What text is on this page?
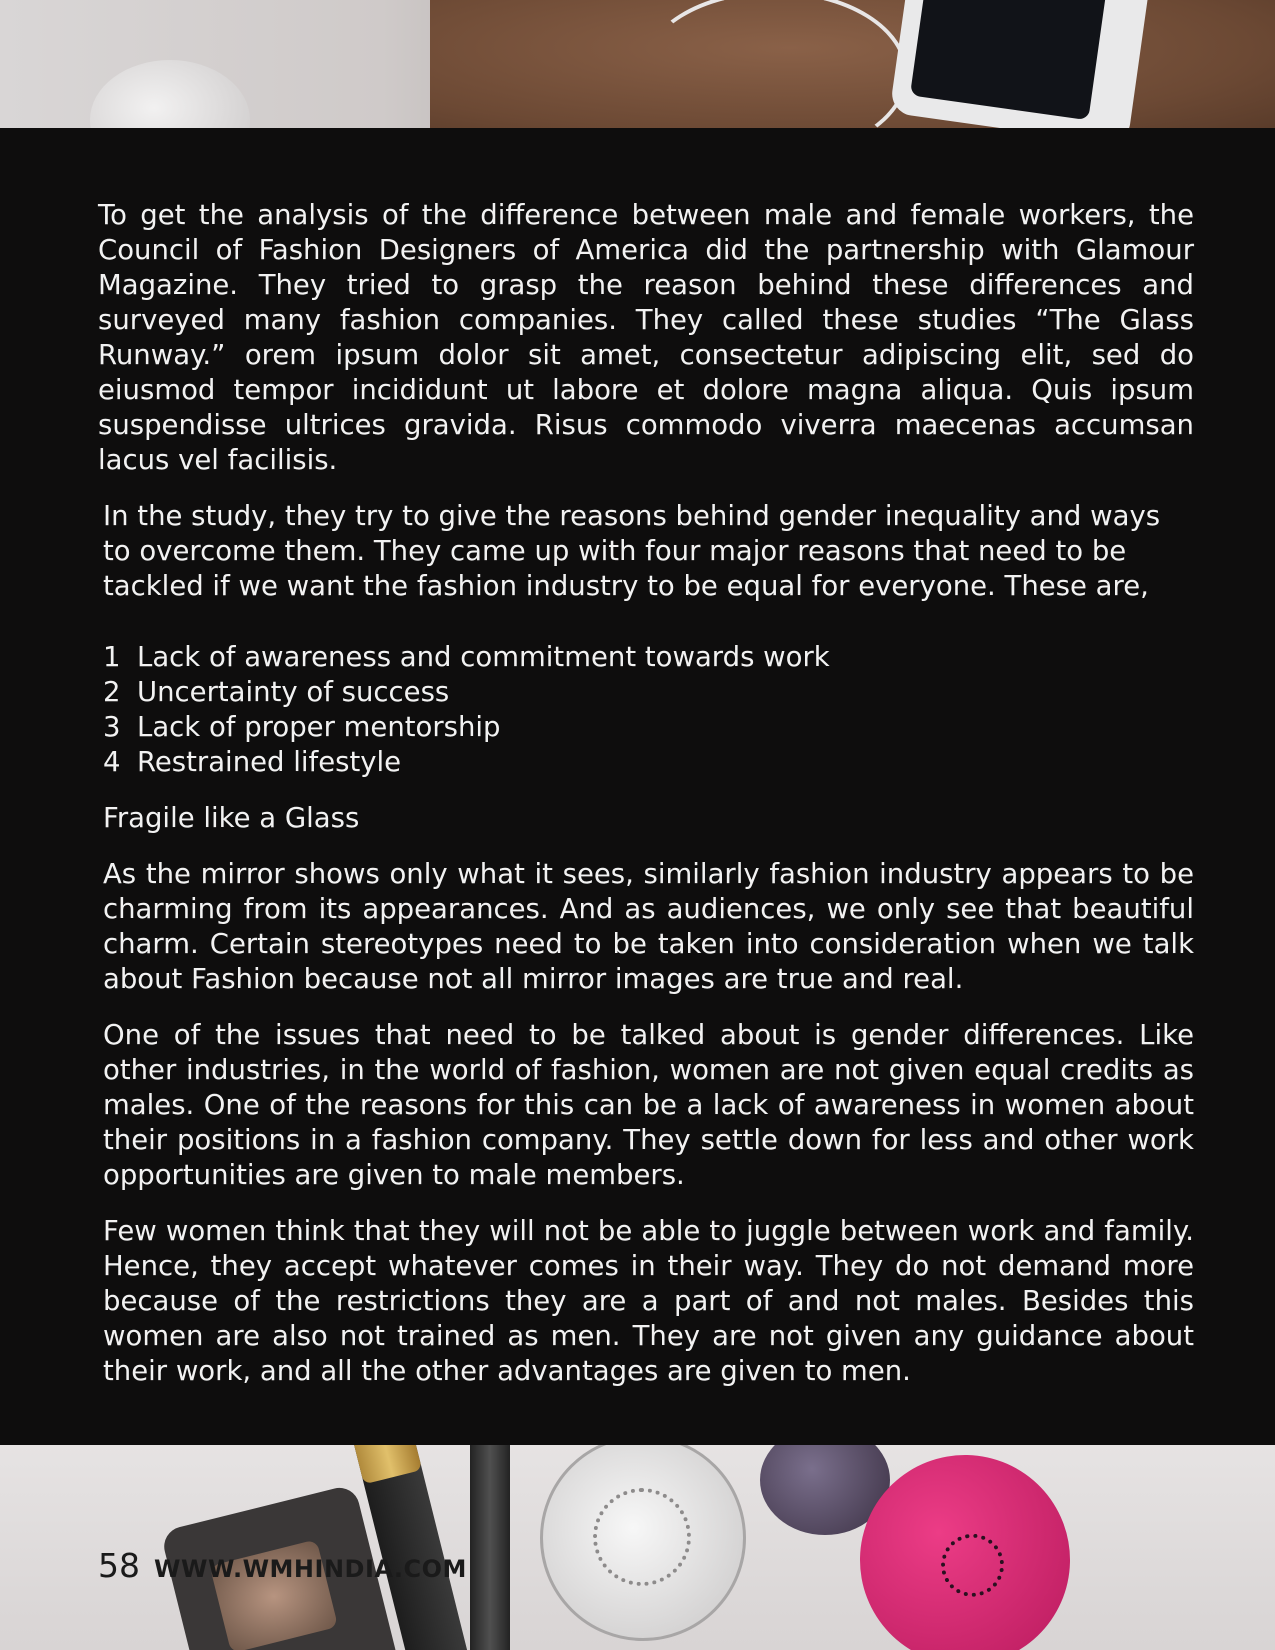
To get the analysis of the difference between male and female workers, the Council of Fashion Designers of America did the partnership with Glamour Magazine. They tried to grasp the reason behind these differences and surveyed many fashion companies. They called these studies “The Glass Runway.” orem ipsum dolor sit amet, consectetur adipiscing elit, sed do eiusmod tempor incididunt ut labore et dolore magna aliqua. Quis ipsum suspendisse ultrices gravida. Risus commodo viverra maecenas accumsan lacus vel facilisis.

In the study, they try to give the reasons behind gender inequality and ways to overcome them. They came up with four major reasons that need to be tackled if we want the fashion industry to be equal for everyone. These are,

1 Lack of awareness and commitment towards work
2 Uncertainty of success
3 Lack of proper mentorship
4 Restrained lifestyle

Fragile like a Glass

As the mirror shows only what it sees, similarly fashion industry appears to be charming from its appearances. And as audiences, we only see that beautiful charm. Certain stereotypes need to be taken into consideration when we talk about Fashion because not all mirror images are true and real.

One of the issues that need to be talked about is gender differences. Like other industries, in the world of fashion, women are not given equal credits as males. One of the reasons for this can be a lack of awareness in women about their positions in a fashion company. They settle down for less and other work opportunities are given to male members.

Few women think that they will not be able to juggle between work and family. Hence, they accept whatever comes in their way. They do not demand more because of the restrictions they are a part of and not males. Besides this women are also not trained as men. They are not given any guidance about their work, and all the other advantages are given to men.

58 WWW.WMHINDIA.COM
